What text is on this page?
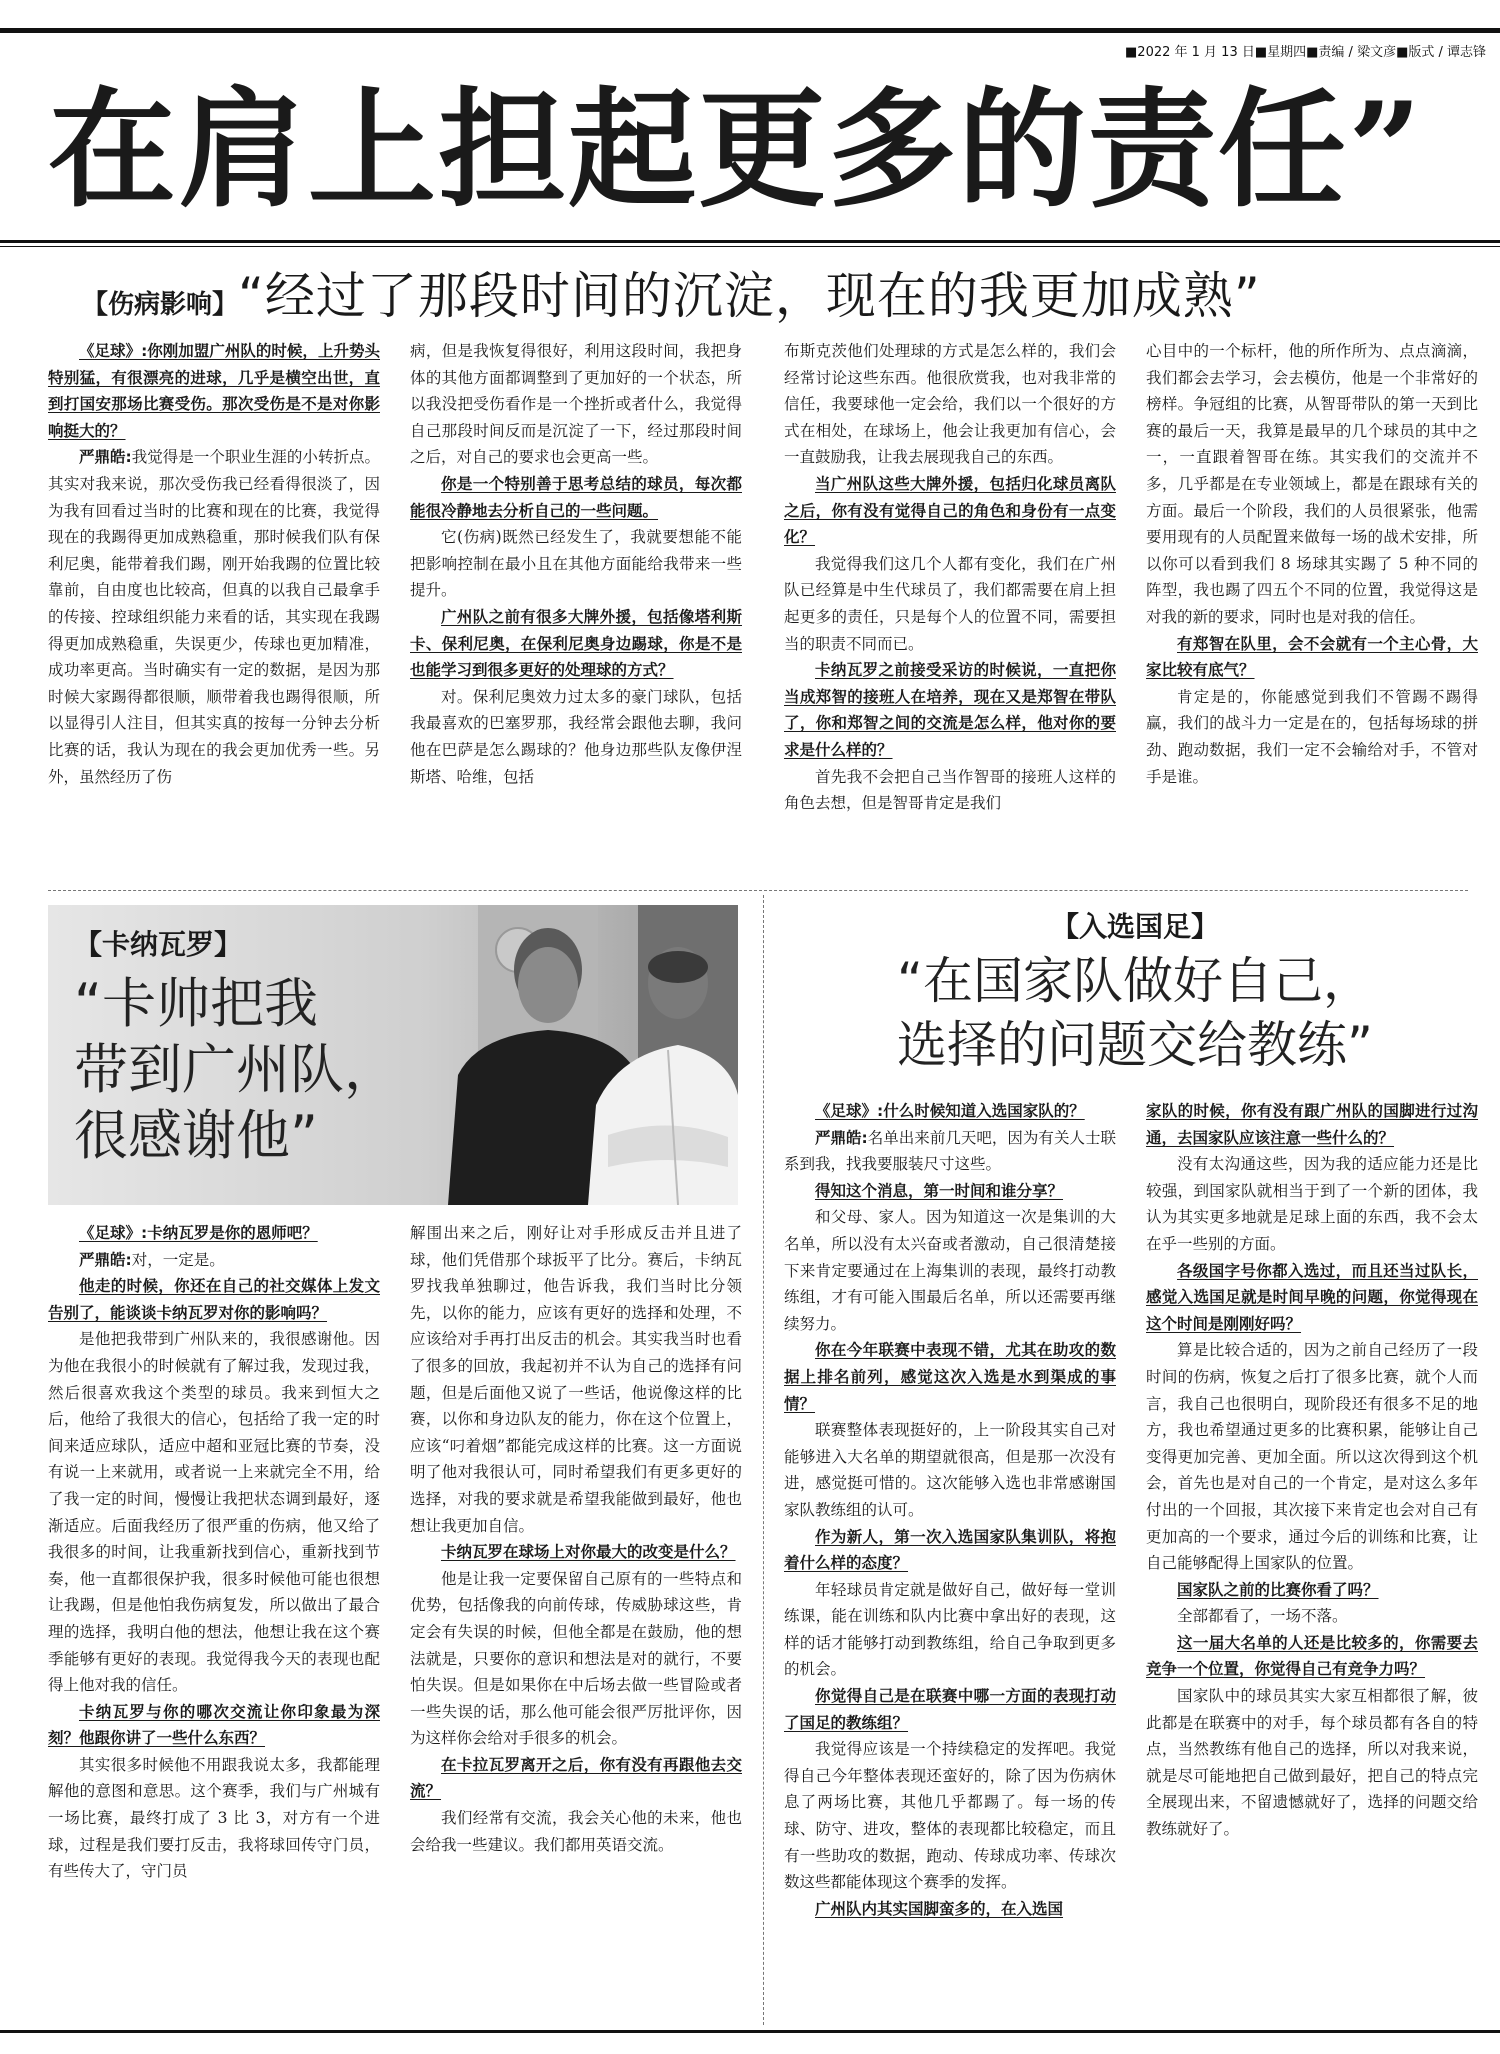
■2022 年 1 月 13 日■星期四■责编 / 梁文彦■版式 / 谭志锋
在肩上担起更多的责任”
【伤病影响】“经过了那段时间的沉淀，现在的我更加成熟”

《足球》:你刚加盟广州队的时候，上升势头特别猛，有很漂亮的进球，几乎是横空出世，直到打国安那场比赛受伤。那次受伤是不是对你影响挺大的？

严鼎皓:我觉得是一个职业生涯的小转折点。其实对我来说，那次受伤我已经看得很淡了，因为我有回看过当时的比赛和现在的比赛，我觉得现在的我踢得更加成熟稳重，那时候我们队有保利尼奥，能带着我们踢，刚开始我踢的位置比较靠前，自由度也比较高，但真的以我自己最拿手的传接、控球组织能力来看的话，其实现在我踢得更加成熟稳重，失误更少，传球也更加精准，成功率更高。当时确实有一定的数据，是因为那时候大家踢得都很顺，顺带着我也踢得很顺，所以显得引人注目，但其实真的按每一分钟去分析比赛的话，我认为现在的我会更加优秀一些。另外，虽然经历了伤

病，但是我恢复得很好，利用这段时间，我把身体的其他方面都调整到了更加好的一个状态，所以我没把受伤看作是一个挫折或者什么，我觉得自己那段时间反而是沉淀了一下，经过那段时间之后，对自己的要求也会更高一些。

你是一个特别善于思考总结的球员，每次都能很冷静地去分析自己的一些问题。

它(伤病)既然已经发生了，我就要想能不能把影响控制在最小且在其他方面能给我带来一些提升。

广州队之前有很多大牌外援，包括像塔利斯卡、保利尼奥，在保利尼奥身边踢球，你是不是也能学习到很多更好的处理球的方式？

对。保利尼奥效力过太多的豪门球队，包括我最喜欢的巴塞罗那，我经常会跟他去聊，我问他在巴萨是怎么踢球的？他身边那些队友像伊涅斯塔、哈维，包括

布斯克茨他们处理球的方式是怎么样的，我们会经常讨论这些东西。他很欣赏我，也对我非常的信任，我要球他一定会给，我们以一个很好的方式在相处，在球场上，他会让我更加有信心，会一直鼓励我，让我去展现我自己的东西。

当广州队这些大牌外援，包括归化球员离队之后，你有没有觉得自己的角色和身份有一点变化？

我觉得我们这几个人都有变化，我们在广州队已经算是中生代球员了，我们都需要在肩上担起更多的责任，只是每个人的位置不同，需要担当的职责不同而已。

卡纳瓦罗之前接受采访的时候说，一直把你当成郑智的接班人在培养，现在又是郑智在带队了，你和郑智之间的交流是怎么样，他对你的要求是什么样的？

首先我不会把自己当作智哥的接班人这样的角色去想，但是智哥肯定是我们

心目中的一个标杆，他的所作所为、点点滴滴，我们都会去学习，会去模仿，他是一个非常好的榜样。争冠组的比赛，从智哥带队的第一天到比赛的最后一天，我算是最早的几个球员的其中之一，一直跟着智哥在练。其实我们的交流并不多，几乎都是在专业领域上，都是在跟球有关的方面。最后一个阶段，我们的人员很紧张，他需要用现有的人员配置来做每一场的战术安排，所以你可以看到我们 8 场球其实踢了 5 种不同的阵型，我也踢了四五个不同的位置，我觉得这是对我的新的要求，同时也是对我的信任。

有郑智在队里，会不会就有一个主心骨，大家比较有底气？

肯定是的，你能感觉到我们不管踢不踢得赢，我们的战斗力一定是在的，包括每场球的拼劲、跑动数据，我们一定不会输给对手，不管对手是谁。

【卡纳瓦罗】
“卡帅把我
带到广州队，
很感谢他”

《足球》:卡纳瓦罗是你的恩师吧？

严鼎皓:对，一定是。

他走的时候，你还在自己的社交媒体上发文告别了，能谈谈卡纳瓦罗对你的影响吗？

是他把我带到广州队来的，我很感谢他。因为他在我很小的时候就有了解过我，发现过我，然后很喜欢我这个类型的球员。我来到恒大之后，他给了我很大的信心，包括给了我一定的时间来适应球队，适应中超和亚冠比赛的节奏，没有说一上来就用，或者说一上来就完全不用，给了我一定的时间，慢慢让我把状态调到最好，逐渐适应。后面我经历了很严重的伤病，他又给了我很多的时间，让我重新找到信心，重新找到节奏，他一直都很保护我，很多时候他可能也很想让我踢，但是他怕我伤病复发，所以做出了最合理的选择，我明白他的想法，他想让我在这个赛季能够有更好的表现。我觉得我今天的表现也配得上他对我的信任。

卡纳瓦罗与你的哪次交流让你印象最为深刻？他跟你讲了一些什么东西？

其实很多时候他不用跟我说太多，我都能理解他的意图和意思。这个赛季，我们与广州城有一场比赛，最终打成了 3 比 3，对方有一个进球，过程是我们要打反击，我将球回传守门员，有些传大了，守门员

解围出来之后，刚好让对手形成反击并且进了球，他们凭借那个球扳平了比分。赛后，卡纳瓦罗找我单独聊过，他告诉我，我们当时比分领先，以你的能力，应该有更好的选择和处理，不应该给对手再打出反击的机会。其实我当时也看了很多的回放，我起初并不认为自己的选择有问题，但是后面他又说了一些话，他说像这样的比赛，以你和身边队友的能力，你在这个位置上，应该“叼着烟”都能完成这样的比赛。这一方面说明了他对我很认可，同时希望我们有更多更好的选择，对我的要求就是希望我能做到最好，他也想让我更加自信。

卡纳瓦罗在球场上对你最大的改变是什么？

他是让我一定要保留自己原有的一些特点和优势，包括像我的向前传球，传威胁球这些，肯定会有失误的时候，但他全都是在鼓励，他的想法就是，只要你的意识和想法是对的就行，不要怕失误。但是如果你在中后场去做一些冒险或者一些失误的话，那么他可能会很严厉批评你，因为这样你会给对手很多的机会。

在卡拉瓦罗离开之后，你有没有再跟他去交流？

我们经常有交流，我会关心他的未来，他也会给我一些建议。我们都用英语交流。

【入选国足】
“在国家队做好自己，
选择的问题交给教练”

《足球》:什么时候知道入选国家队的？

严鼎皓:名单出来前几天吧，因为有关人士联系到我，找我要服装尺寸这些。

得知这个消息，第一时间和谁分享？

和父母、家人。因为知道这一次是集训的大名单，所以没有太兴奋或者激动，自己很清楚接下来肯定要通过在上海集训的表现，最终打动教练组，才有可能入围最后名单，所以还需要再继续努力。

你在今年联赛中表现不错，尤其在助攻的数据上排名前列，感觉这次入选是水到渠成的事情？

联赛整体表现挺好的，上一阶段其实自己对能够进入大名单的期望就很高，但是那一次没有进，感觉挺可惜的。这次能够入选也非常感谢国家队教练组的认可。

作为新人，第一次入选国家队集训队，将抱着什么样的态度？

年轻球员肯定就是做好自己，做好每一堂训练课，能在训练和队内比赛中拿出好的表现，这样的话才能够打动到教练组，给自己争取到更多的机会。

你觉得自己是在联赛中哪一方面的表现打动了国足的教练组？

我觉得应该是一个持续稳定的发挥吧。我觉得自己今年整体表现还蛮好的，除了因为伤病休息了两场比赛，其他几乎都踢了。每一场的传球、防守、进攻，整体的表现都比较稳定，而且有一些助攻的数据，跑动、传球成功率、传球次数这些都能体现这个赛季的发挥。

广州队内其实国脚蛮多的，在入选国

家队的时候，你有没有跟广州队的国脚进行过沟通，去国家队应该注意一些什么的？

没有太沟通这些，因为我的适应能力还是比较强，到国家队就相当于到了一个新的团体，我认为其实更多地就是足球上面的东西，我不会太在乎一些别的方面。

各级国字号你都入选过，而且还当过队长，感觉入选国足就是时间早晚的问题，你觉得现在这个时间是刚刚好吗？

算是比较合适的，因为之前自己经历了一段时间的伤病，恢复之后打了很多比赛，就个人而言，我自己也很明白，现阶段还有很多不足的地方，我也希望通过更多的比赛积累，能够让自己变得更加完善、更加全面。所以这次得到这个机会，首先也是对自己的一个肯定，是对这么多年付出的一个回报，其次接下来肯定也会对自己有更加高的一个要求，通过今后的训练和比赛，让自己能够配得上国家队的位置。

国家队之前的比赛你看了吗？

全部都看了，一场不落。

这一届大名单的人还是比较多的，你需要去竞争一个位置，你觉得自己有竞争力吗？

国家队中的球员其实大家互相都很了解，彼此都是在联赛中的对手，每个球员都有各自的特点，当然教练有他自己的选择，所以对我来说，就是尽可能地把自己做到最好，把自己的特点完全展现出来，不留遗憾就好了，选择的问题交给教练就好了。
